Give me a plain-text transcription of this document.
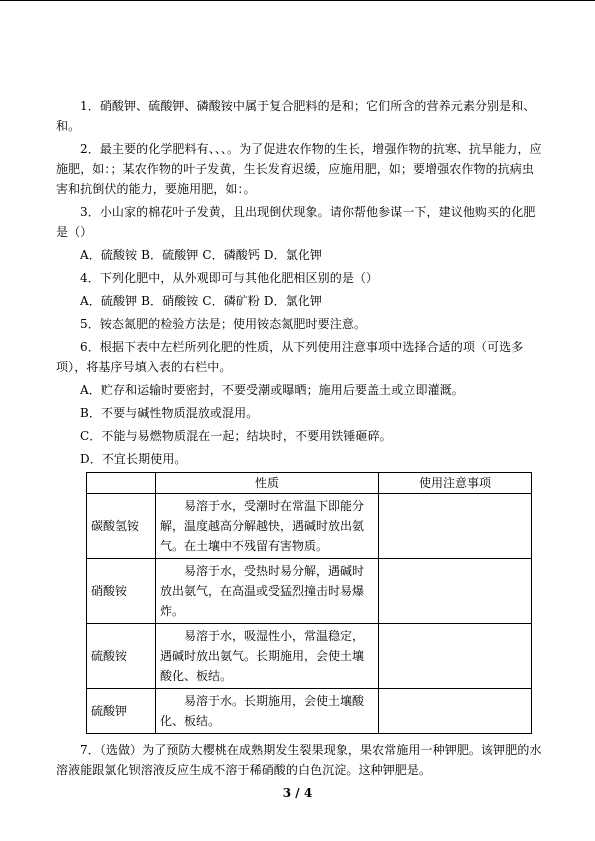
1．硝酸钾、硫酸钾、磷酸铵中属于复合肥料的是和；它们所含的营养元素分别是和、和。

2．最主要的化学肥料有、、、。为了促进农作物的生长，增强作物的抗寒、抗旱能力，应施肥，如：；某农作物的叶子发黄，生长发育迟缓，应施用肥，如；要增强农作物的抗病虫害和抗倒伏的能力，要施用肥，如：。

3．小山家的棉花叶子发黄，且出现倒伏现象。请你帮他参谋一下，建议他购买的化肥是（）

A．硫酸铵 B．硫酸钾 C．磷酸钙 D．氯化钾

4．下列化肥中，从外观即可与其他化肥相区别的是（）

A．硫酸钾 B．硝酸铵 C．磷矿粉 D．氯化钾

5．铵态氮肥的检验方法是；使用铵态氮肥时要注意。

6．根据下表中左栏所列化肥的性质，从下列使用注意事项中选择合适的项（可选多项），将基序号填入表的右栏中。

A．贮存和运输时要密封，不要受潮或曝晒；施用后要盖土或立即灌溉。

B．不要与碱性物质混放或混用。

C．不能与易燃物质混在一起；结块时，不要用铁锤砸碎。

D．不宜长期使用。

	性质	使用注意事项
碳酸氢铵	易溶于水，受潮时在常温下即能分解，温度越高分解越快，遇碱时放出氨气。在土壤中不残留有害物质。	
硝酸铵	易溶于水，受热时易分解，遇碱时放出氨气，在高温或受猛烈撞击时易爆炸。	
硫酸铵	易溶于水，吸湿性小，常温稳定，遇碱时放出氨气。长期施用，会使土壤酸化、板结。	
硫酸钾	易溶于水。长期施用，会使土壤酸化、板结。	

7．（选做）为了预防大樱桃在成熟期发生裂果现象，果农常施用一种钾肥。该钾肥的水溶液能跟氯化钡溶液反应生成不溶于稀硝酸的白色沉淀。这种钾肥是。

3 / 4
